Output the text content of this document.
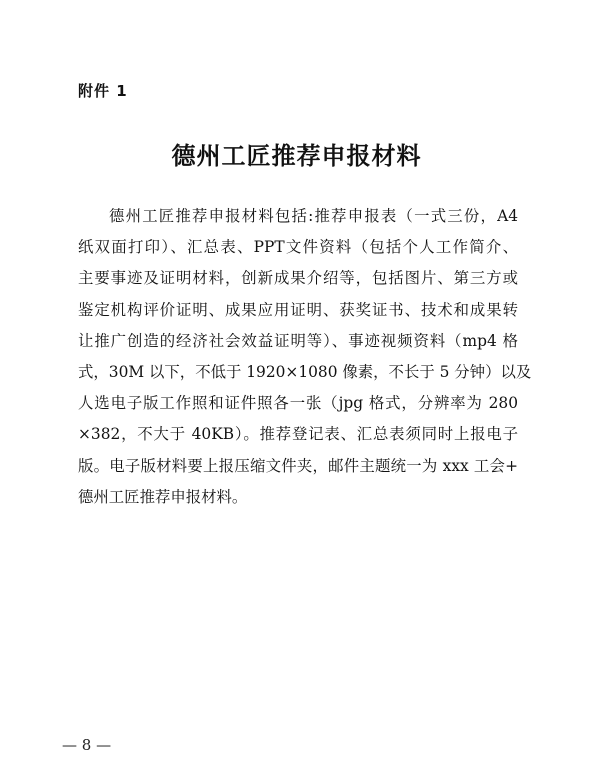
附件 1
德州工匠推荐申报材料
德州工匠推荐申报材料包括:推荐申报表（一式三份，A4
纸双面打印）、汇总表、PPT文件资料（包括个人工作简介、
主要事迹及证明材料，创新成果介绍等，包括图片、第三方或
鉴定机构评价证明、成果应用证明、获奖证书、技术和成果转
让推广创造的经济社会效益证明等）、事迹视频资料（mp4 格
式，30M 以下，不低于 1920×1080 像素，不长于 5 分钟）以及
人选电子版工作照和证件照各一张（jpg 格式，分辨率为 280
×382，不大于 40KB）。推荐登记表、汇总表须同时上报电子
版。电子版材料要上报压缩文件夹，邮件主题统一为 xxx 工会+
德州工匠推荐申报材料。
— 8 —
